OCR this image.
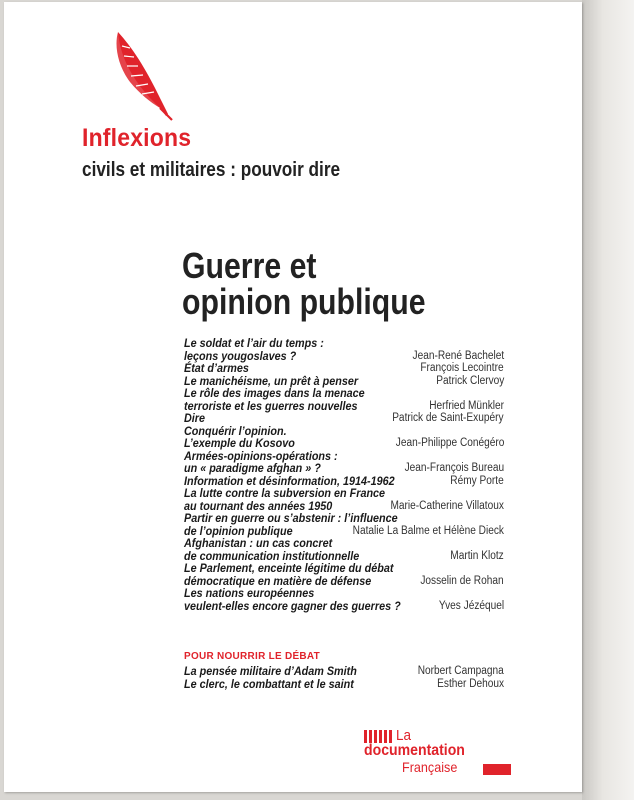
Inflexions

civils et militaires : pouvoir dire

Guerre et
opinion publique
Le soldat et l’air du temps :
leçons yougoslaves ?	Jean-René Bachelet
État d’armes	François Lecointre
Le manichéisme, un prêt à penser	Patrick Clervoy
Le rôle des images dans la menace
terroriste et les guerres nouvelles	Herfried Münkler
Dire	Patrick de Saint-Exupéry
Conquérir l’opinion.
L’exemple du Kosovo	Jean-Philippe Conégéro
Armées-opinions-opérations :
un « paradigme afghan » ?	Jean-François Bureau
Information et désinformation, 1914-1962	Rémy Porte
La lutte contre la subversion en France
au tournant des années 1950	Marie-Catherine Villatoux
Partir en guerre ou s’abstenir : l’influence
de l’opinion publique	Natalie La Balme et Hélène Dieck
Afghanistan : un cas concret
de communication institutionnelle	Martin Klotz
Le Parlement, enceinte légitime du débat
démocratique en matière de défense	Josselin de Rohan
Les nations européennes
veulent-elles encore gagner des guerres ?	Yves Jézéquel

POUR NOURRIR LE DÉBAT

La pensée militaire d’Adam Smith	Norbert Campagna
Le clerc, le combattant et le saint	Esther Dehoux
La
documentation
Française
